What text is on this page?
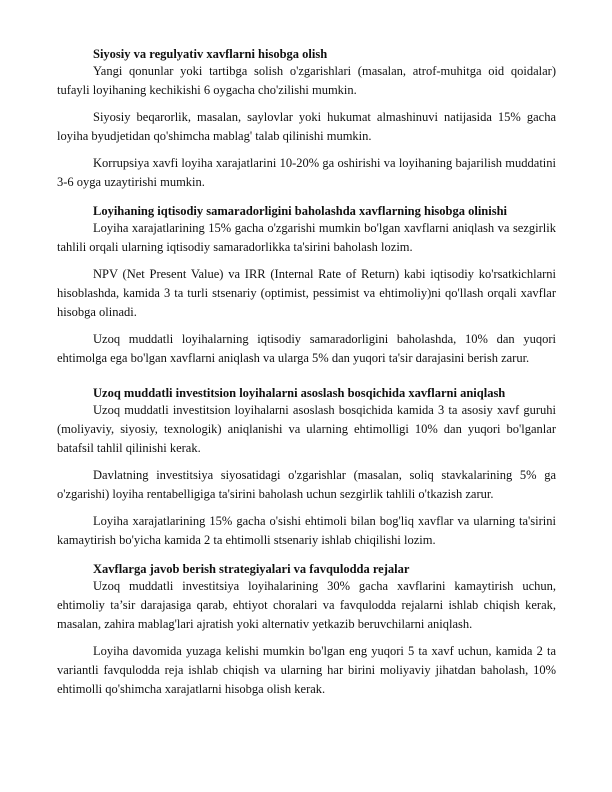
Siyosiy va regulyativ xavflarni hisobga olish

Yangi qonunlar yoki tartibga solish o'zgarishlari (masalan, atrof-muhitga oid qoidalar) tufayli loyihaning kechikishi 6 oygacha cho'zilishi mumkin.

Siyosiy beqarorlik, masalan, saylovlar yoki hukumat almashinuvi natijasida 15% gacha loyiha byudjetidan qo'shimcha mablag' talab qilinishi mumkin.

Korrupsiya xavfi loyiha xarajatlarini 10-20% ga oshirishi va loyihaning bajarilish muddatini 3-6 oyga uzaytirishi mumkin.

Loyihaning iqtisodiy samaradorligini baholashda xavflarning hisobga olinishi

Loyiha xarajatlarining 15% gacha o'zgarishi mumkin bo'lgan xavflarni aniqlash va sezgirlik tahlili orqali ularning iqtisodiy samaradorlikka ta'sirini baholash lozim.

NPV (Net Present Value) va IRR (Internal Rate of Return) kabi iqtisodiy ko'rsatkichlarni hisoblashda, kamida 3 ta turli stsenariy (optimist, pessimist va ehtimoliy)ni qo'llash orqali xavflar hisobga olinadi.

Uzoq muddatli loyihalarning iqtisodiy samaradorligini baholashda, 10% dan yuqori ehtimolga ega bo'lgan xavflarni aniqlash va ularga 5% dan yuqori ta'sir darajasini berish zarur.

Uzoq muddatli investitsion loyihalarni asoslash bosqichida xavflarni aniqlash

Uzoq muddatli investitsion loyihalarni asoslash bosqichida kamida 3 ta asosiy xavf guruhi (moliyaviy, siyosiy, texnologik) aniqlanishi va ularning ehtimolligi 10% dan yuqori bo'lganlar batafsil tahlil qilinishi kerak.

Davlatning investitsiya siyosatidagi o'zgarishlar (masalan, soliq stavkalarining 5% ga o'zgarishi) loyiha rentabelligiga ta'sirini baholash uchun sezgirlik tahlili o'tkazish zarur.

Loyiha xarajatlarining 15% gacha o'sishi ehtimoli bilan bog'liq xavflar va ularning ta'sirini kamaytirish bo'yicha kamida 2 ta ehtimolli stsenariy ishlab chiqilishi lozim.

Xavflarga javob berish strategiyalari va favqulodda rejalar

Uzoq muddatli investitsiya loyihalarining 30% gacha xavflarini kamaytirish uchun, ehtimoliy ta’sir darajasiga qarab, ehtiyot choralari va favqulodda rejalarni ishlab chiqish kerak, masalan, zahira mablag'lari ajratish yoki alternativ yetkazib beruvchilarni aniqlash.

Loyiha davomida yuzaga kelishi mumkin bo'lgan eng yuqori 5 ta xavf uchun, kamida 2 ta variantli favqulodda reja ishlab chiqish va ularning har birini moliyaviy jihatdan baholash, 10% ehtimolli qo'shimcha xarajatlarni hisobga olish kerak.
